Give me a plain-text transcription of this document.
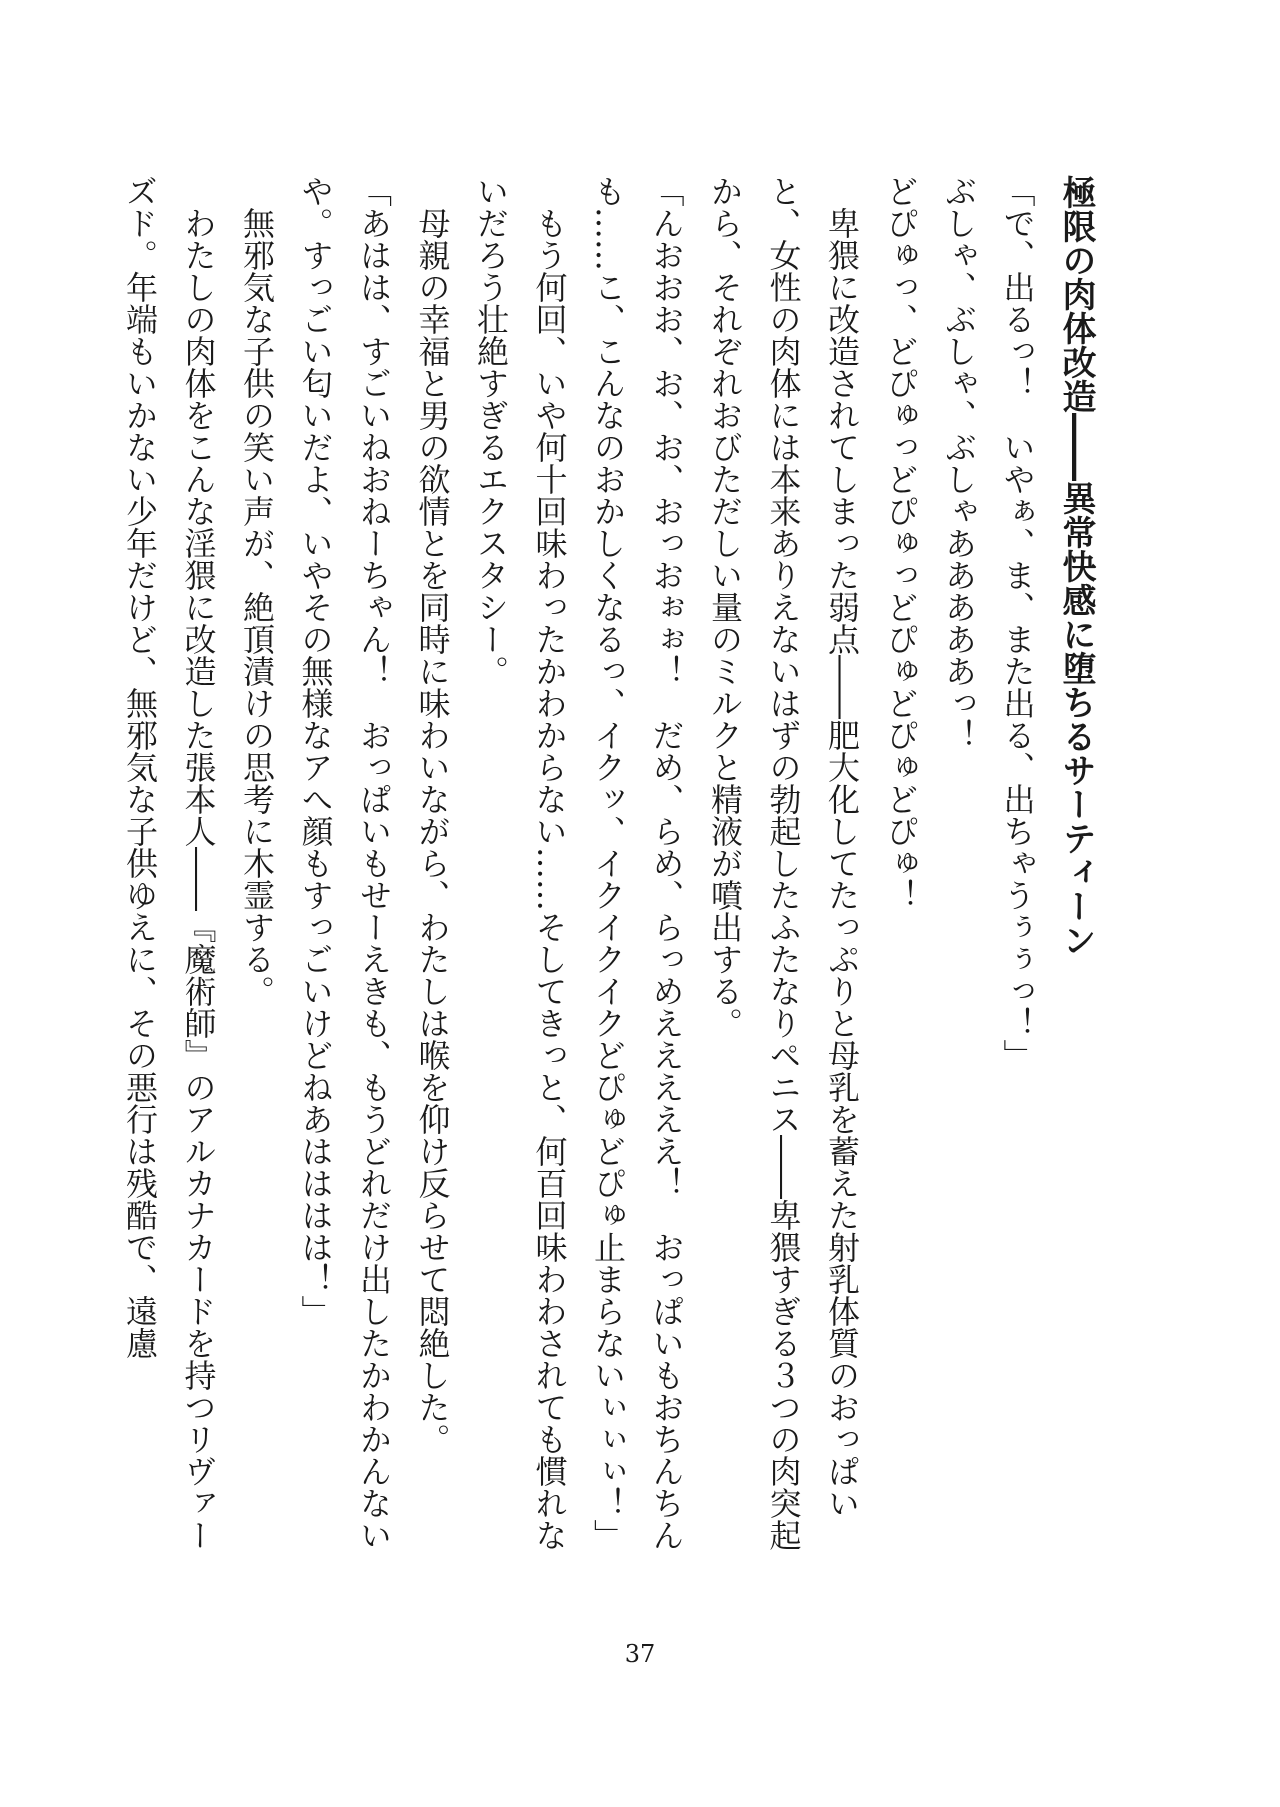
極限の肉体改造――異常快感に堕ちるサーティーン

「で、出るっ！　いやぁ、ま、また出る、出ちゃうぅぅっ！」

ぶしゃ、ぶしゃ、ぶしゃあああああっ！

どぴゅっ、どぴゅっどぴゅっどぴゅどぴゅどぴゅ！

　卑猥に改造されてしまった弱点――肥大化してたっぷりと母乳を蓄えた射乳体質のおっぱいと、女性の肉体には本来ありえないはずの勃起したふたなりペニス――卑猥すぎる３つの肉突起から、それぞれおびただしい量のミルクと精液が噴出する。

「んおおお、お、お、おっおぉぉ！　だめ、らめ、らっめえええええ！　おっぱいもおちんちんも……こ、こんなのおかしくなるっ、イクッ、イクイクイクどぴゅどぴゅ止まらないぃぃぃ！」

　もう何回、いや何十回味わったかわからない……そしてきっと、何百回味わわされても慣れないだろう壮絶すぎるエクスタシー。

　母親の幸福と男の欲情とを同時に味わいながら、わたしは喉を仰け反らせて悶絶した。

「あはは、すごいねおねーちゃん！　おっぱいもせーえきも、もうどれだけ出したかわかんないや。すっごい匂いだよ、いやその無様なアへ顔もすっごいけどねあはははは！」

　無邪気な子供の笑い声が、絶頂漬けの思考に木霊する。

　わたしの肉体をこんな淫猥に改造した張本人――『魔術師』のアルカナカードを持つリヴァーズド。年端もいかない少年だけど、無邪気な子供ゆえに、その悪行は残酷で、遠慮

37
